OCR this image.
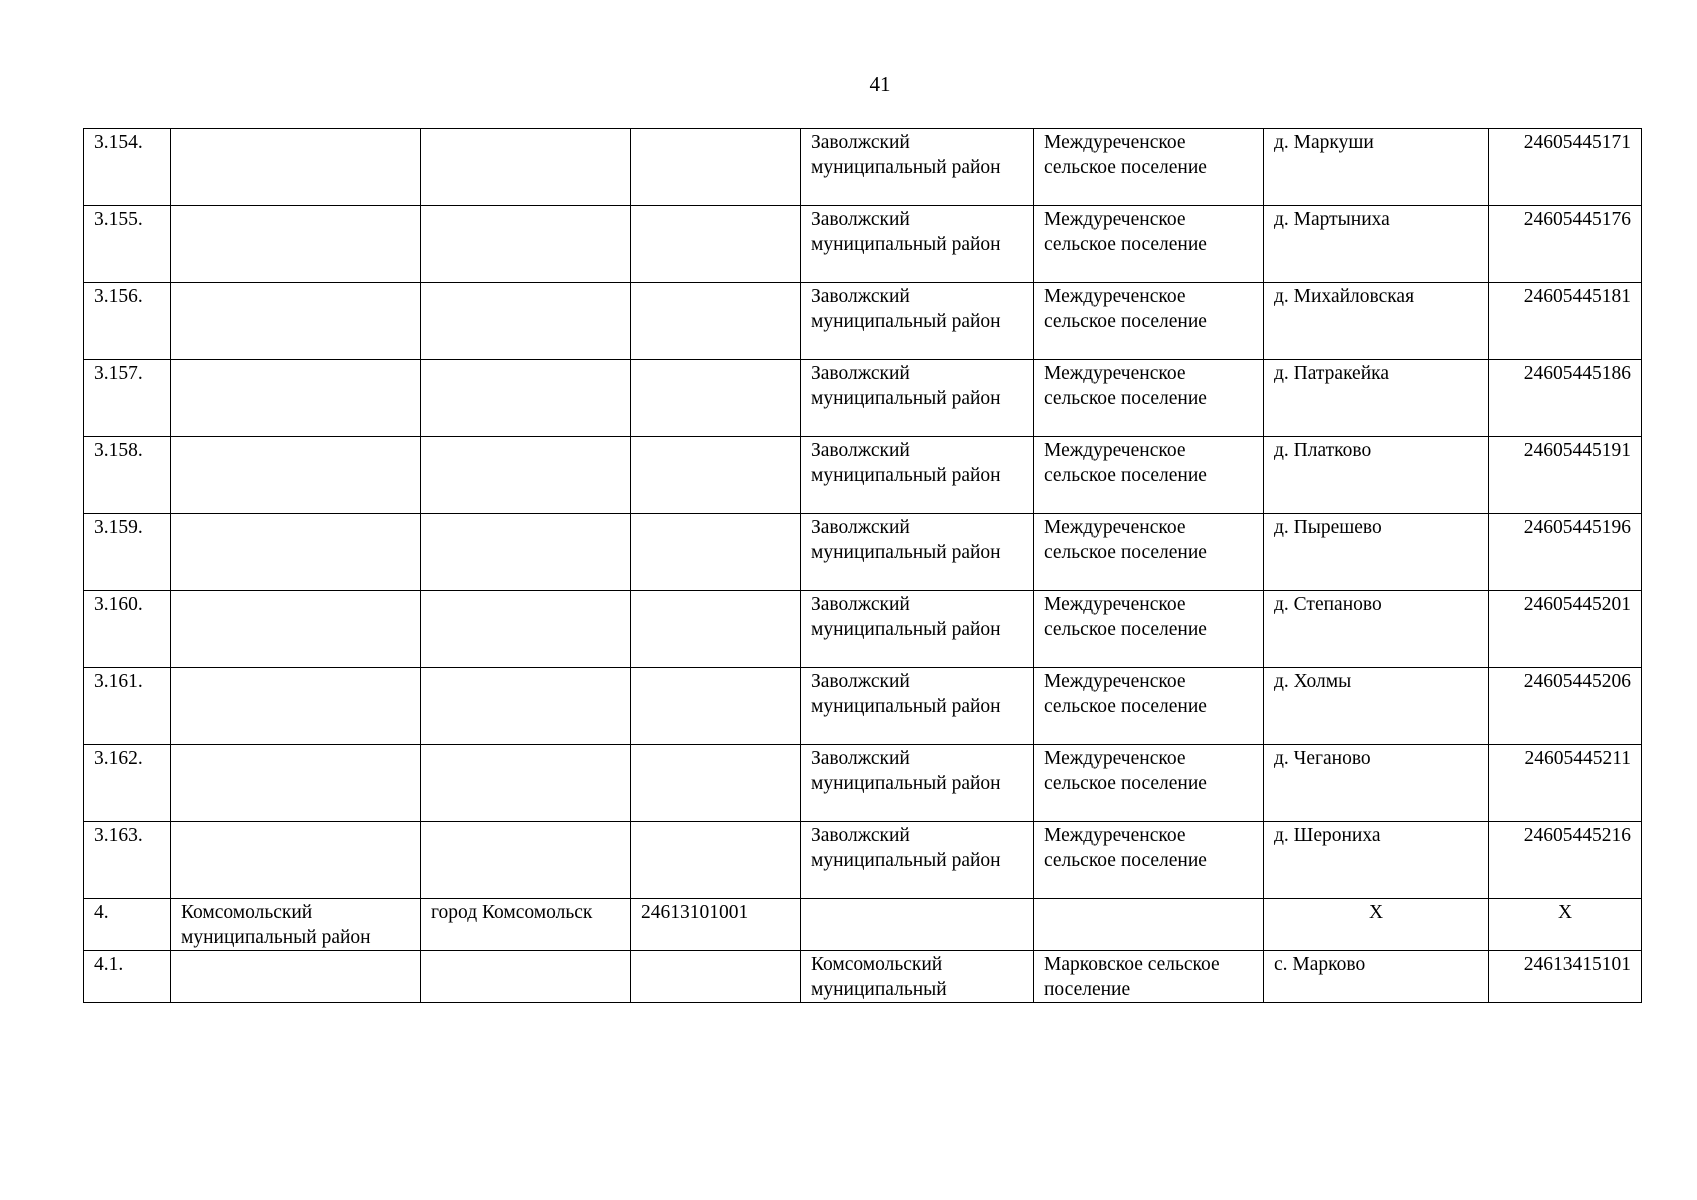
41
3.154.				Заволжский муниципальный район	Междуреченское сельское поселение	д. Маркуши	24605445171
3.155.				Заволжский муниципальный район	Междуреченское сельское поселение	д. Мартыниха	24605445176
3.156.				Заволжский муниципальный район	Междуреченское сельское поселение	д. Михайловская	24605445181
3.157.				Заволжский муниципальный район	Междуреченское сельское поселение	д. Патракейка	24605445186
3.158.				Заволжский муниципальный район	Междуреченское сельское поселение	д. Платково	24605445191
3.159.				Заволжский муниципальный район	Междуреченское сельское поселение	д. Пырешево	24605445196
3.160.				Заволжский муниципальный район	Междуреченское сельское поселение	д. Степаново	24605445201
3.161.				Заволжский муниципальный район	Междуреченское сельское поселение	д. Холмы	24605445206
3.162.				Заволжский муниципальный район	Междуреченское сельское поселение	д. Чеганово	24605445211
3.163.				Заволжский муниципальный район	Междуреченское сельское поселение	д. Шерониха	24605445216
4.	Комсомольский муниципальный район	город Комсомольск	24613101001			Х	Х
4.1.				Комсомольский муниципальный	Марковское сельское поселение	с. Марково	24613415101
